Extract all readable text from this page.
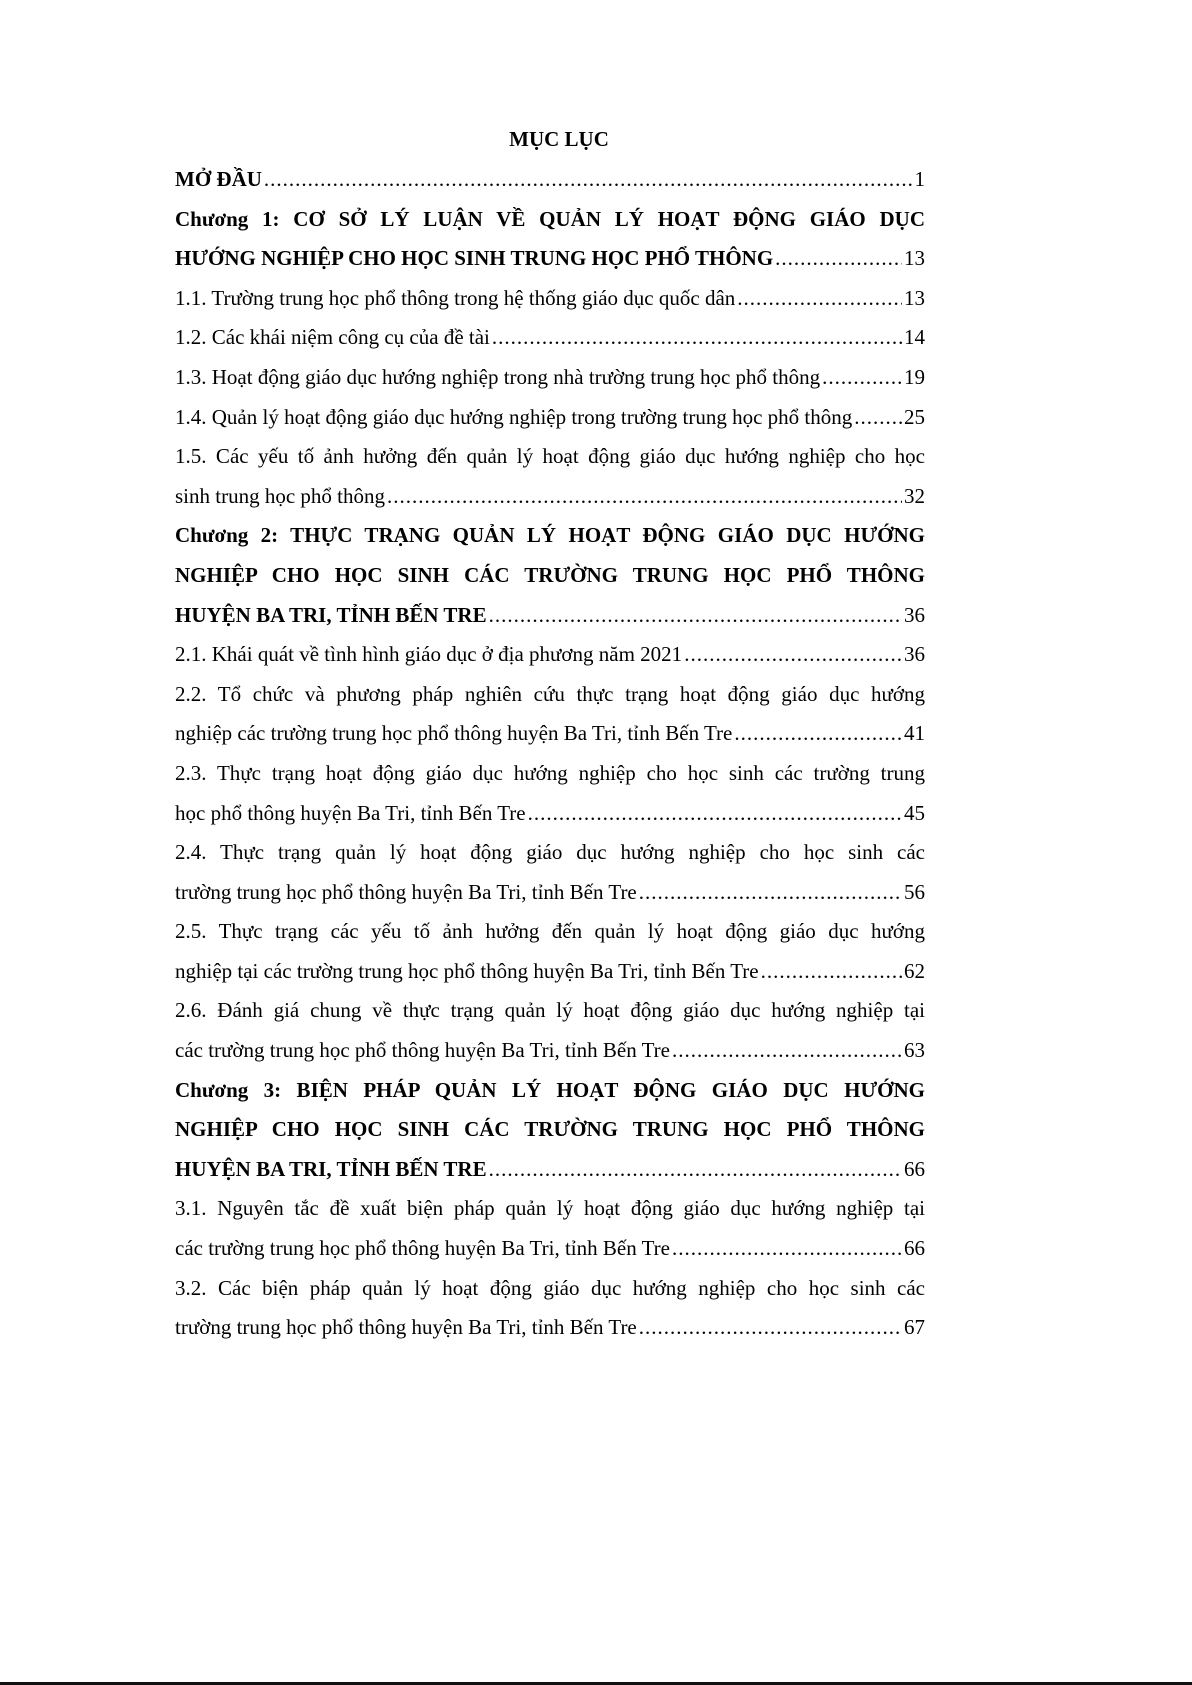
MỤC LỤC
MỞ ĐẦU .....	1
Chương 1: CƠ SỞ LÝ LUẬN VỀ QUẢN LÝ HOẠT ĐỘNG GIÁO DỤC
HƯỚNG NGHIỆP CHO HỌC SINH TRUNG HỌC PHỔ THÔNG .....	13
1.1. Trường trung học phổ thông trong hệ thống giáo dục quốc dân .....	13
1.2. Các khái niệm công cụ của đề tài .....	14
1.3. Hoạt động giáo dục hướng nghiệp trong nhà trường trung học phổ thông .....	19
1.4. Quản lý hoạt động giáo dục hướng nghiệp trong trường trung học phổ thông ..... 25
1.5. Các yếu tố ảnh hưởng đến quản lý hoạt động giáo dục hướng nghiệp cho học
sinh trung học phổ thông .....	32
Chương 2: THỰC TRẠNG QUẢN LÝ HOẠT ĐỘNG GIÁO DỤC HƯỚNG
NGHIỆP CHO HỌC SINH CÁC TRƯỜNG TRUNG HỌC PHỔ THÔNG
HUYỆN BA TRI, TỈNH BẾN TRE .....	36
2.1. Khái quát về tình hình giáo dục ở địa phương năm 2021 .....	36
2.2. Tổ chức và phương pháp nghiên cứu thực trạng hoạt động giáo dục hướng
nghiệp các trường trung học phổ thông huyện Ba Tri, tỉnh Bến Tre .....	41
2.3. Thực trạng hoạt động giáo dục hướng nghiệp cho học sinh các trường trung
học phổ thông huyện Ba Tri, tỉnh Bến Tre .....	45
2.4. Thực trạng quản lý hoạt động giáo dục hướng nghiệp cho học sinh các
trường trung học phổ thông huyện Ba Tri, tỉnh Bến Tre .....	56
2.5. Thực trạng các yếu tố ảnh hưởng đến quản lý hoạt động giáo dục hướng
nghiệp tại các trường trung học phổ thông huyện Ba Tri, tỉnh Bến Tre .....	62
2.6. Đánh giá chung về thực trạng quản lý hoạt động giáo dục hướng nghiệp tại
các trường trung học phổ thông huyện Ba Tri, tỉnh Bến Tre .....	63
Chương 3: BIỆN PHÁP QUẢN LÝ HOẠT ĐỘNG GIÁO DỤC HƯỚNG
NGHIỆP CHO HỌC SINH CÁC TRƯỜNG TRUNG HỌC PHỔ THÔNG
HUYỆN BA TRI, TỈNH BẾN TRE .....	66
3.1. Nguyên tắc đề xuất biện pháp quản lý hoạt động giáo dục hướng nghiệp tại
các trường trung học phổ thông huyện Ba Tri, tỉnh Bến Tre .....	66
3.2. Các biện pháp quản lý hoạt động giáo dục hướng nghiệp cho học sinh các
trường trung học phổ thông huyện Ba Tri, tỉnh Bến Tre .....	67
